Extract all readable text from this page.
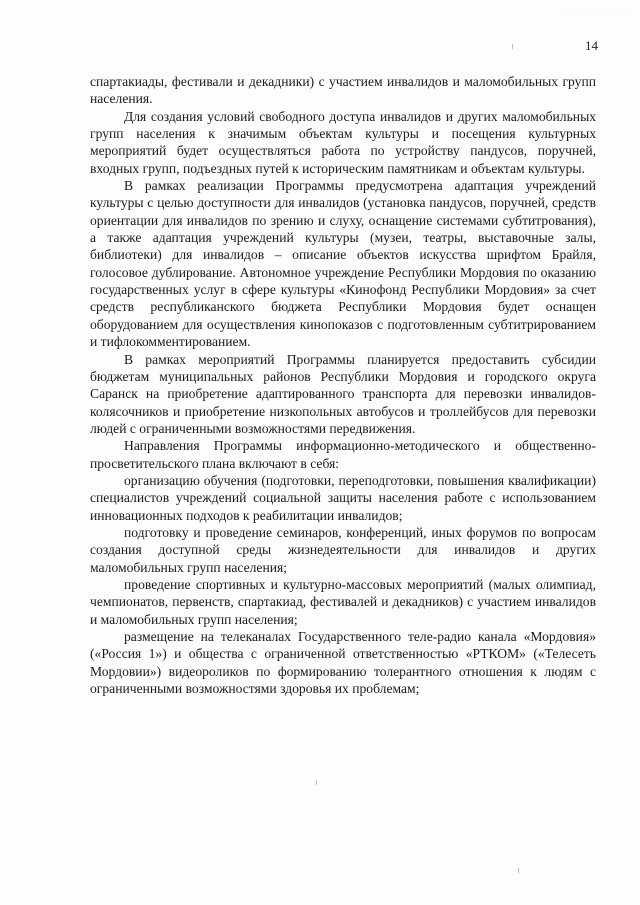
· · · · · · · · ·
14

спартакиады, фестивали и декадники) с участием инвалидов и маломобильных групп населения.

Для создания условий свободного доступа инвалидов и других маломобильных групп населения к значимым объектам культуры и посещения культурных мероприятий будет осуществляться работа по устройству пандусов, поручней, входных групп, подъездных путей к историческим памятникам и объектам культуры.

В рамках реализации Программы предусмотрена адаптация учреждений культуры с целью доступности для инвалидов (установка пандусов, поручней, средств ориентации для инвалидов по зрению и слуху, оснащение системами субтитрования), а также адаптация учреждений культуры (музеи, театры, выставочные залы, библиотеки) для инвалидов – описание объектов искусства шрифтом Брайля, голосовое дублирование. Автономное учреждение Республики Мордовия по оказанию государственных услуг в сфере культуры «Кинофонд Республики Мордовия» за счет средств республиканского бюджета Республики Мордовия будет оснащен оборудованием для осуществления кинопоказов с подготовленным субтитрированием и тифлокомментированием.

В рамках мероприятий Программы планируется предоставить субсидии бюджетам муниципальных районов Республики Мордовия и городского округа Саранск на приобретение адаптированного транспорта для перевозки инвалидов-колясочников и приобретение низкопольных автобусов и троллейбусов для перевозки людей с ограниченными возможностями передвижения.

Направления Программы информационно-методического и общественно-просветительского плана включают в себя:

организацию обучения (подготовки, переподготовки, повышения квалификации) специалистов учреждений социальной защиты населения работе с использованием инновационных подходов к реабилитации инвалидов;

подготовку и проведение семинаров, конференций, иных форумов по вопросам создания доступной среды жизнедеятельности для инвалидов и других маломобильных групп населения;

проведение спортивных и культурно-массовых мероприятий (малых олимпиад, чемпионатов, первенств, спартакиад, фестивалей и декадников) с участием инвалидов и маломобильных групп населения;

размещение на телеканалах Государственного теле-радио канала «Мордовия» («Россия 1») и общества с ограниченной ответственностью «РТКОМ» («Телесеть Мордовии») видеороликов по формированию толерантного отношения к людям с ограниченными возможностями здоровья их проблемам;
